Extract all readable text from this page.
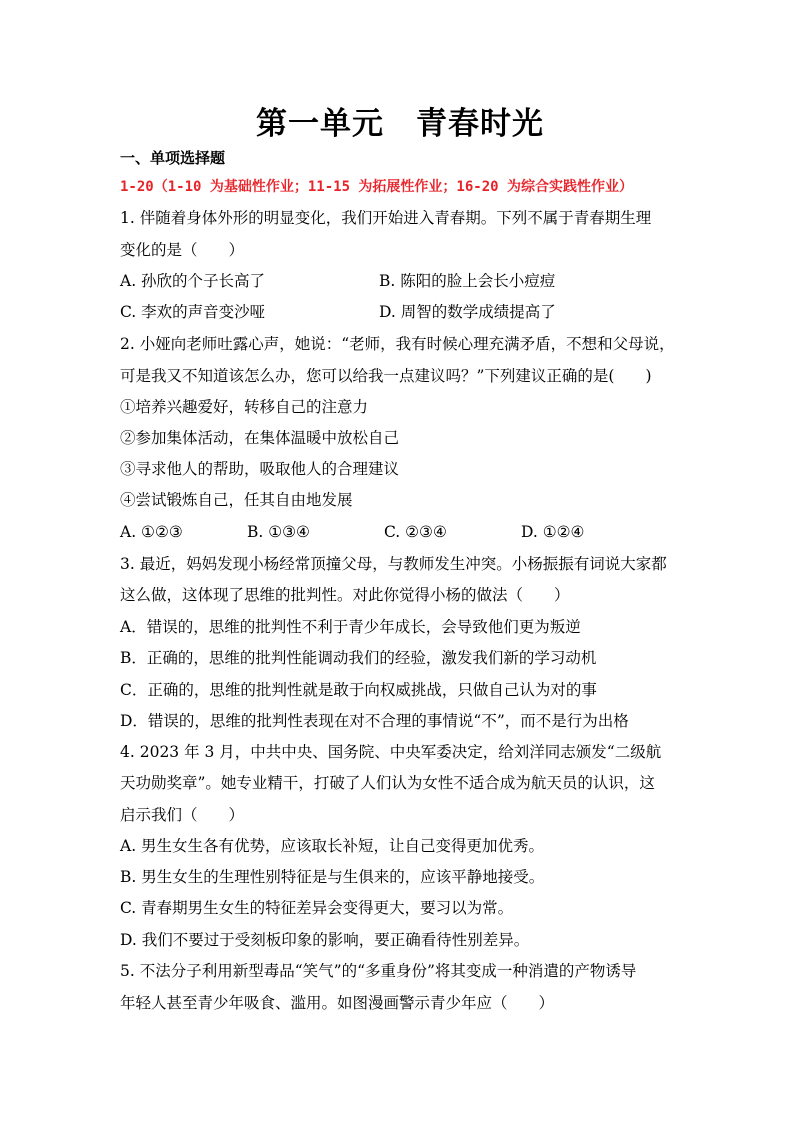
第一单元　青春时光
一、单项选择题
1-20（1-10 为基础性作业；11-15 为拓展性作业；16-20 为综合实践性作业）
1. 伴随着身体外形的明显变化，我们开始进入青春期。下列不属于青春期生理
变化的是（　　）
A. 孙欣的个子长高了	B. 陈阳的脸上会长小痘痘
C. 李欢的声音变沙哑	D. 周智的数学成绩提高了
2. 小娅向老师吐露心声，她说：“老师，我有时候心理充满矛盾，不想和父母说，
可是我又不知道该怎么办，您可以给我一点建议吗？”下列建议正确的是(　　)
①培养兴趣爱好，转移自己的注意力
②参加集体活动，在集体温暖中放松自己
③寻求他人的帮助，吸取他人的合理建议
④尝试锻炼自己，任其自由地发展
A. ①②③	B. ①③④	C. ②③④	D. ①②④
3. 最近，妈妈发现小杨经常顶撞父母，与教师发生冲突。小杨振振有词说大家都
这么做，这体现了思维的批判性。对此你觉得小杨的做法（　　）
A．错误的，思维的批判性不利于青少年成长，会导致他们更为叛逆
B．正确的，思维的批判性能调动我们的经验，激发我们新的学习动机
C．正确的，思维的批判性就是敢于向权威挑战，只做自己认为对的事
D．错误的，思维的批判性表现在对不合理的事情说“不”，而不是行为出格
4. 2023 年 3 月，中共中央、国务院、中央军委决定，给刘洋同志颁发“二级航
天功勋奖章”。她专业精干，打破了人们认为女性不适合成为航天员的认识，这
启示我们（　　）
A. 男生女生各有优势，应该取长补短，让自己变得更加优秀。
B. 男生女生的生理性别特征是与生俱来的，应该平静地接受。
C. 青春期男生女生的特征差异会变得更大，要习以为常。
D. 我们不要过于受刻板印象的影响，要正确看待性别差异。
5. 不法分子利用新型毒品“笑气”的“多重身份”将其变成一种消遣的产物诱导
年轻人甚至青少年吸食、滥用。如图漫画警示青少年应（　　）
